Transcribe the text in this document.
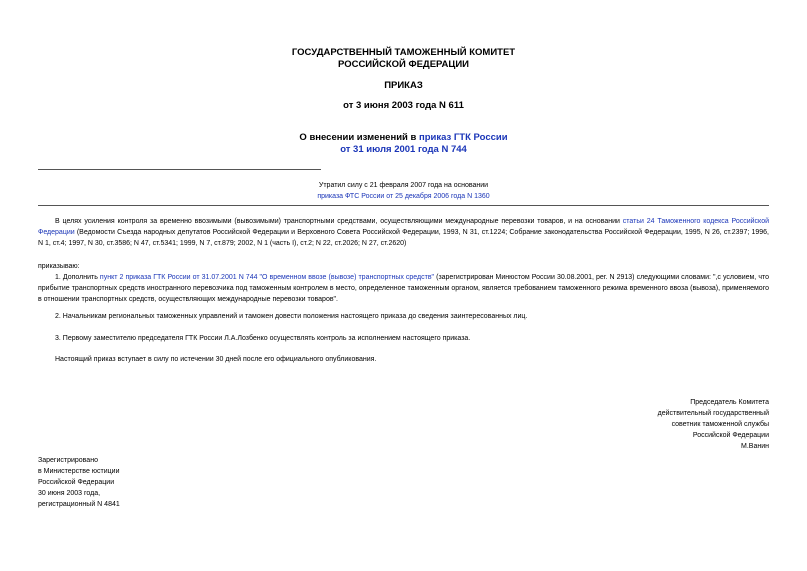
ГОСУДАРСТВЕННЫЙ ТАМОЖЕННЫЙ КОМИТЕТ
РОССИЙСКОЙ ФЕДЕРАЦИИ
ПРИКАЗ
от 3 июня 2003 года N 611
О внесении изменений в приказ ГТК России
от 31 июля 2001 года N 744
Утратил силу с 21 февраля 2007 года на основании
приказа ФТС России от 25 декабря 2006 года N 1360
В целях усиления контроля за временно ввозимыми (вывозимыми) транспортными средствами, осуществляющими международные перевозки товаров, и на основании статьи 24 Таможенного кодекса Российской Федерации (Ведомости Съезда народных депутатов Российской Федерации и Верховного Совета Российской Федерации, 1993, N 31, ст.1224; Собрание законодательства Российской Федерации, 1995, N 26, ст.2397; 1996, N 1, ст.4; 1997, N 30, ст.3586; N 47, ст.5341; 1999, N 7, ст.879; 2002, N 1 (часть I), ст.2; N 22, ст.2026; N 27, ст.2620)
приказываю:
1. Дополнить пункт 2 приказа ГТК России от 31.07.2001 N 744 "О временном ввозе (вывозе) транспортных средств" (зарегистрирован Минюстом России 30.08.2001, рег. N 2913) следующими словами: ",с условием, что прибытие транспортных средств иностранного перевозчика под таможенным контролем в место, определенное таможенным органом, является требованием таможенного режима временного ввоза (вывоза), применяемого в отношении транспортных средств, осуществляющих международные перевозки товаров".
2. Начальникам региональных таможенных управлений и таможен довести положения настоящего приказа до сведения заинтересованных лиц.
3. Первому заместителю председателя ГТК России Л.А.Лозбенко осуществлять контроль за исполнением настоящего приказа.
Настоящий приказ вступает в силу по истечении 30 дней после его официального опубликования.
Председатель Комитета
действительный государственный
советник таможенной службы
Российской Федерации
М.Ванин
Зарегистрировано
в Министерстве юстиции
Российской Федерации
30 июня 2003 года,
регистрационный N 4841
